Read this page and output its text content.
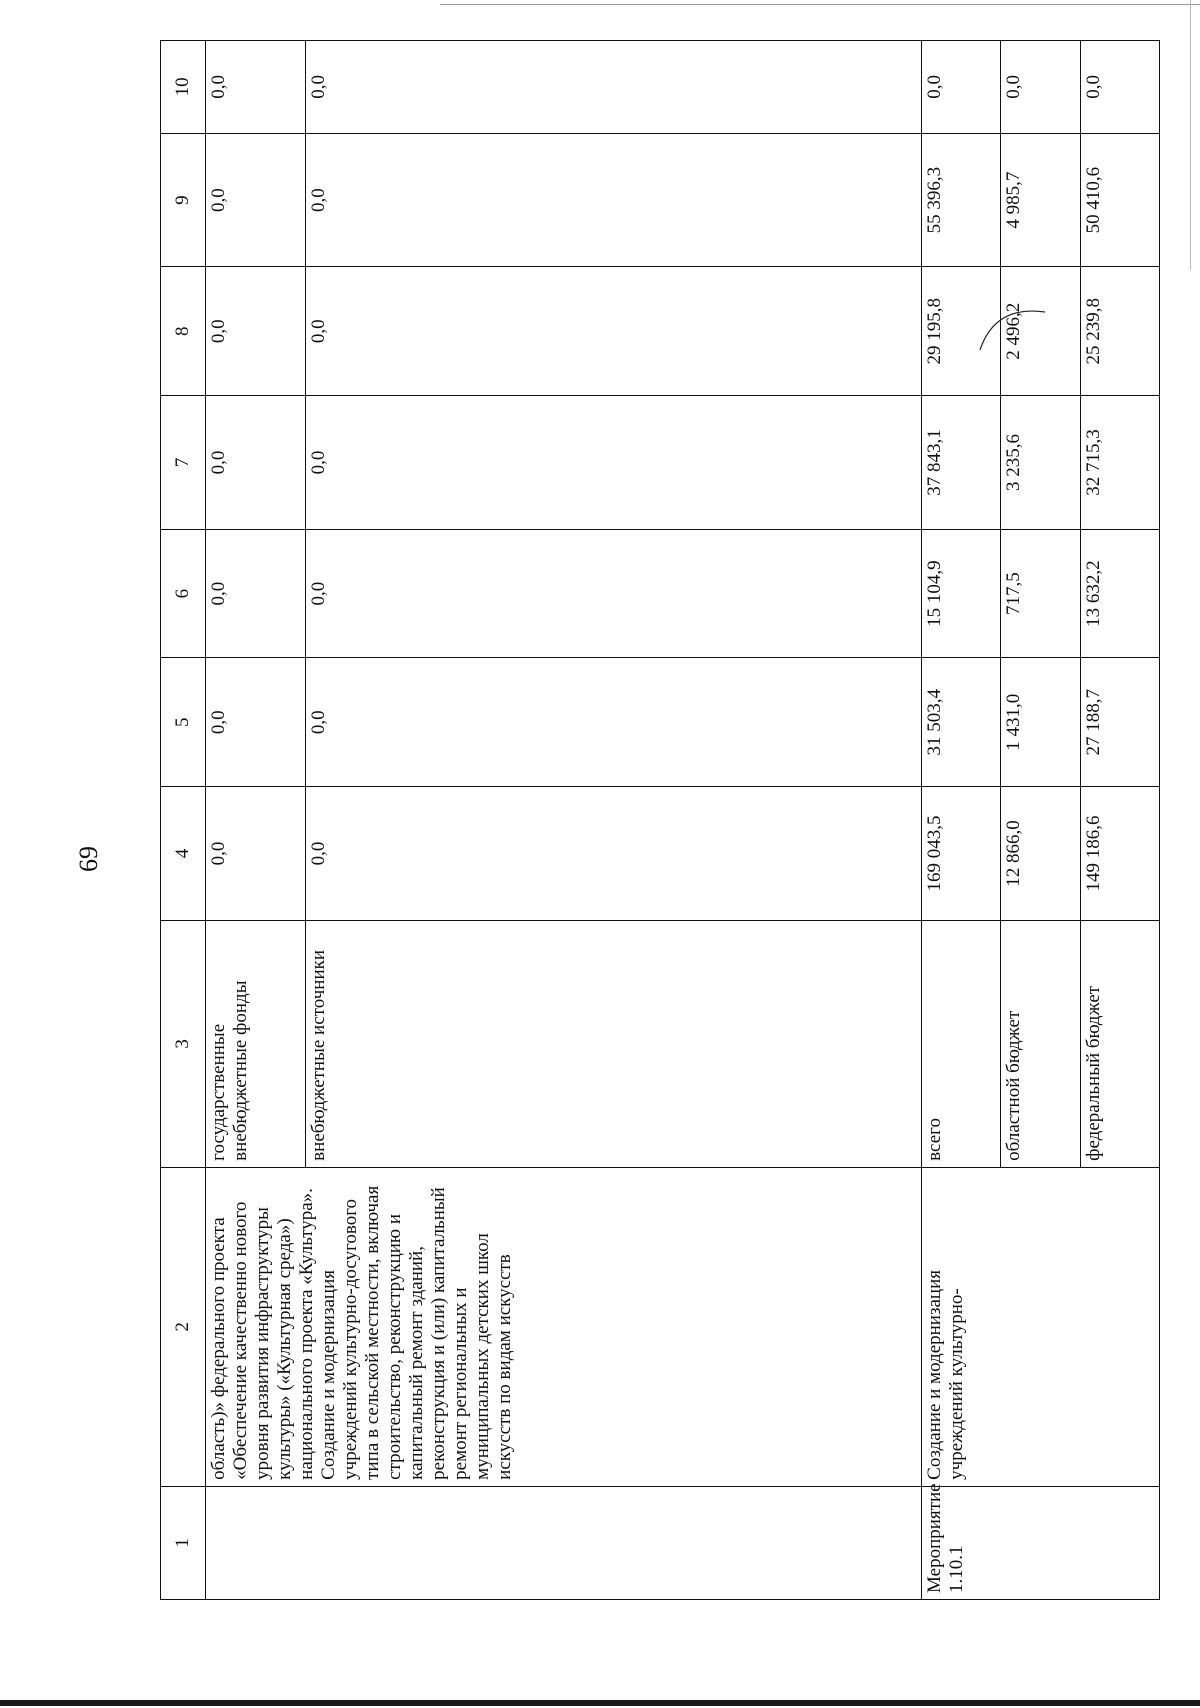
69
1	2	3	4	5	6	7	8	9	10
	область)» федерального проекта «Обеспечение качественно нового уровня развития инфраструктуры культуры» («Культурная среда») национального проекта «Культура». Создание и модернизация учреждений культурно-досугового типа в сельской местности, включая строительство, реконструкцию и капитальный ремонт зданий, реконструкция и (или) капитальный ремонт региональных и муниципальных детских школ искусств по видам искусств	государственные внебюджетные фонды	0,0	0,0	0,0	0,0	0,0	0,0	0,0
		внебюджетные источники	0,0	0,0	0,0	0,0	0,0	0,0	0,0
Мероприятие 1.10.1	Создание и модернизация учреждений культурно-	всего	169 043,5	31 503,4	15 104,9	37 843,1	29 195,8	55 396,3	0,0
		областной бюджет	12 866,0	1 431,0	717,5	3 235,6	2 496,2	4 985,7	0,0
		федеральный бюджет	149 186,6	27 188,7	13 632,2	32 715,3	25 239,8	50 410,6	0,0
